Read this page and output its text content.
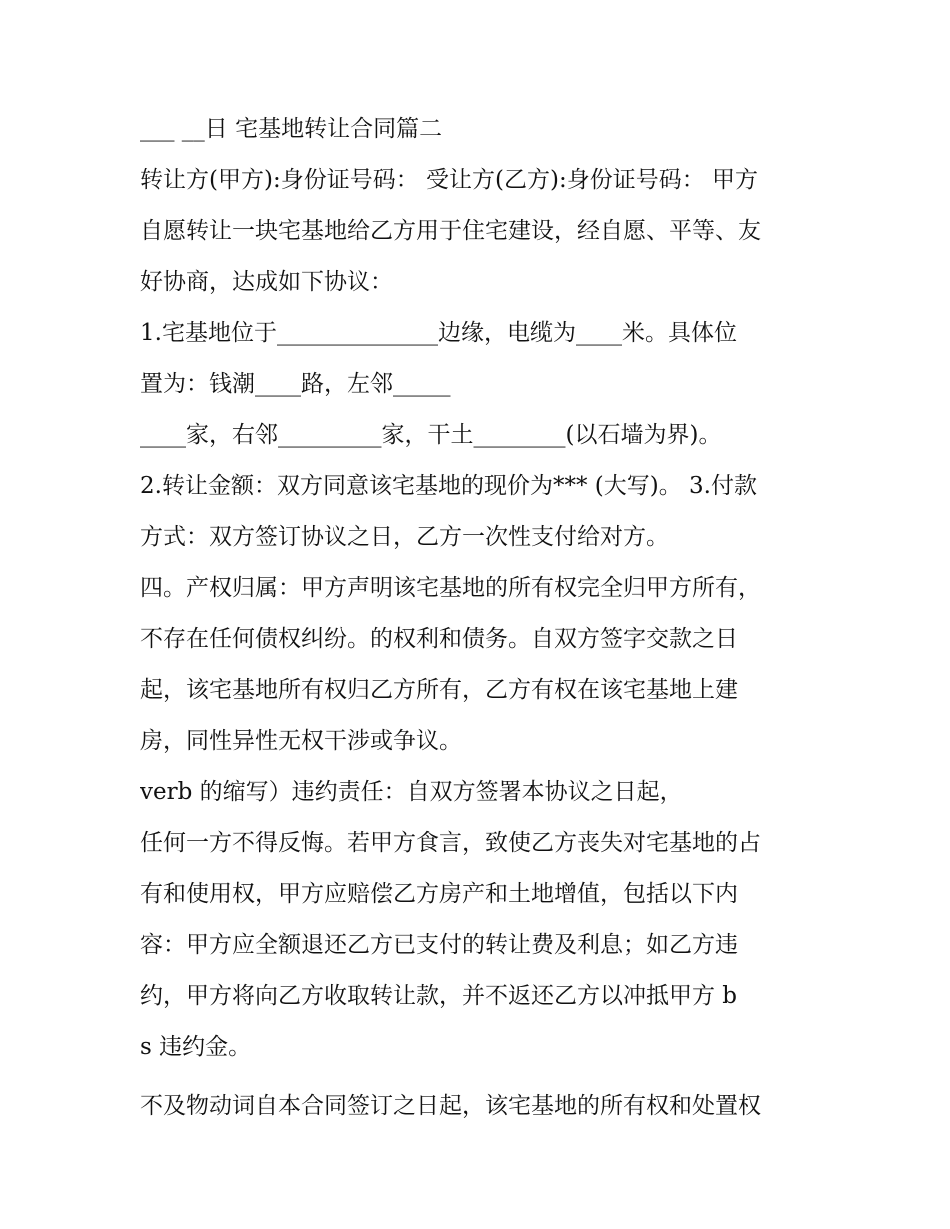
___ __日 宅基地转让合同篇二
转让方(甲方):身份证号码： 受让方(乙方):身份证号码： 甲方
自愿转让一块宅基地给乙方用于住宅建设，经自愿、平等、友
好协商，达成如下协议：
1.宅基地位于______________边缘，电缆为____米。具体位
置为：钱潮____路，左邻_____
____家，右邻_________家，干土________(以石墙为界)。
2.转让金额：双方同意该宅基地的现价为*** (大写)。 3.付款
方式：双方签订协议之日，乙方一次性支付给对方。
四。产权归属：甲方声明该宅基地的所有权完全归甲方所有，
不存在任何债权纠纷。的权利和债务。自双方签字交款之日
起，该宅基地所有权归乙方所有，乙方有权在该宅基地上建
房，同性异性无权干涉或争议。
verb 的缩写）违约责任：自双方签署本协议之日起，
任何一方不得反悔。若甲方食言，致使乙方丧失对宅基地的占
有和使用权，甲方应赔偿乙方房产和土地增值，包括以下内
容：甲方应全额退还乙方已支付的转让费及利息；如乙方违
约，甲方将向乙方收取转让款，并不返还乙方以冲抵甲方 b
s 违约金。
不及物动词自本合同签订之日起，该宅基地的所有权和处置权
